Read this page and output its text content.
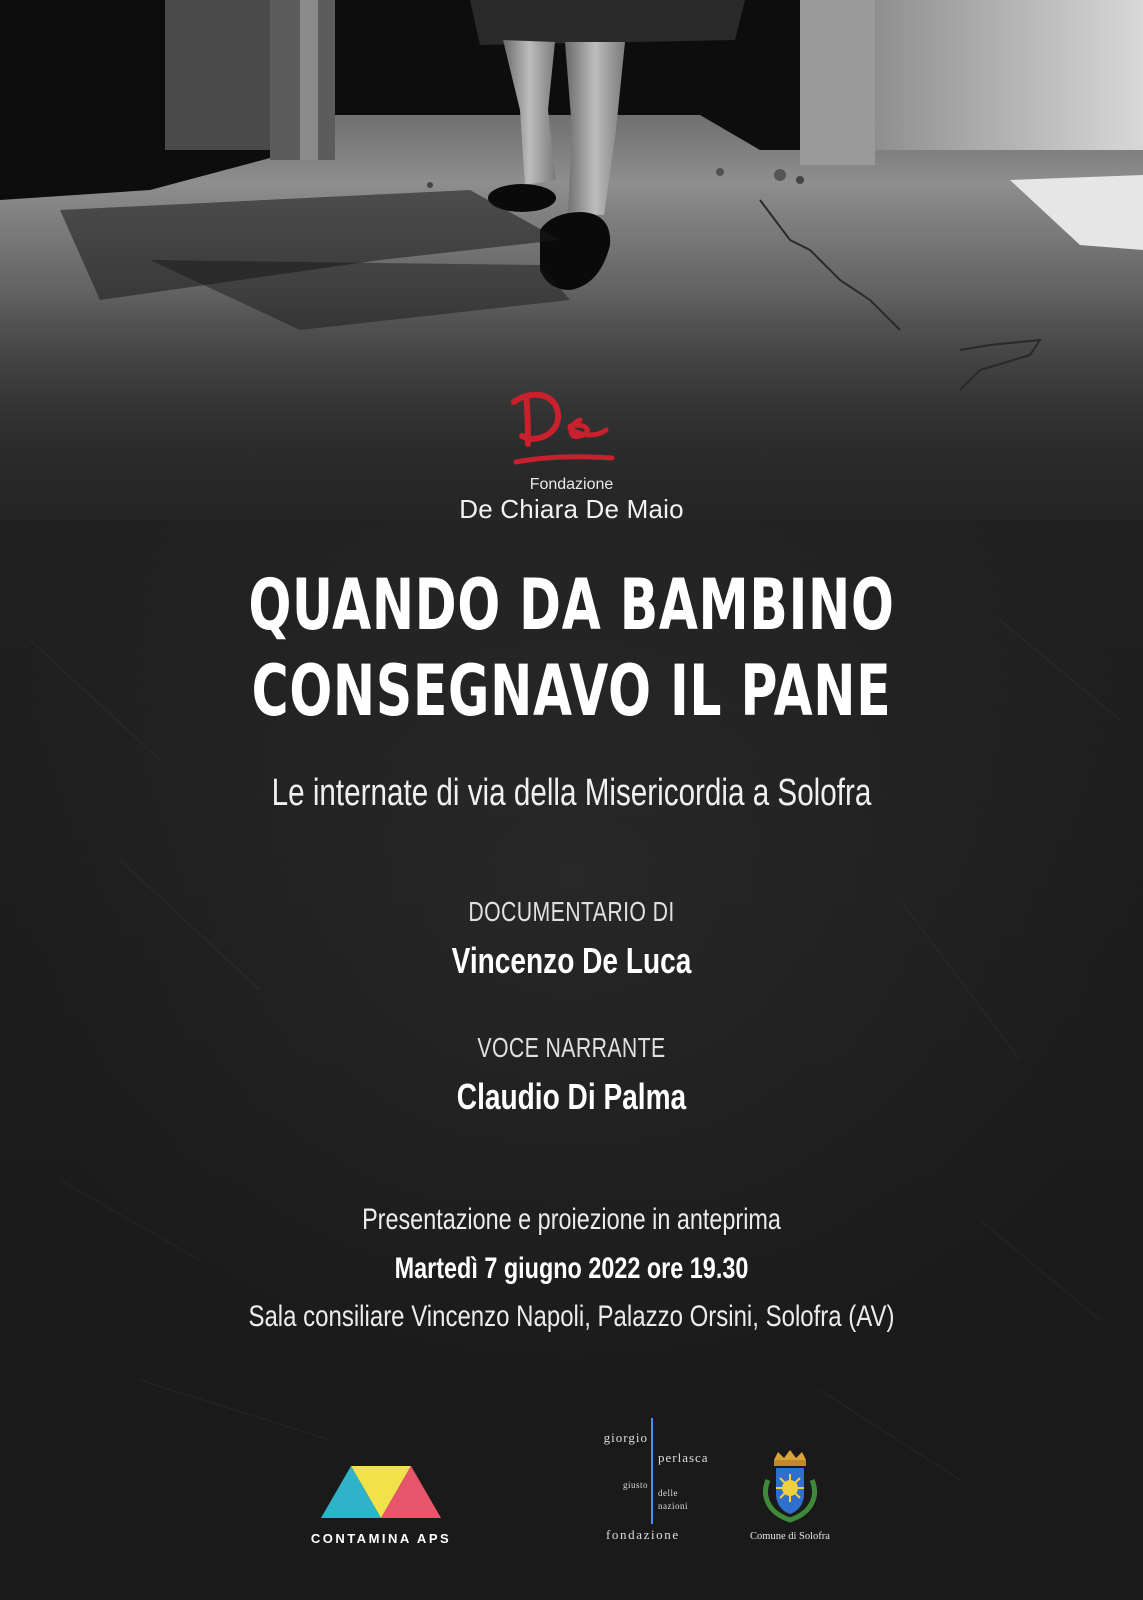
Fondazione
De Chiara De Maio
QUANDO DA BAMBINO
CONSEGNAVO IL PANE
Le internate di via della Misericordia a Solofra
DOCUMENTARIO DI
Vincenzo De Luca
VOCE NARRANTE
Claudio Di Palma
Presentazione e proiezione in anteprima
Martedì 7 giugno 2022 ore 19.30
Sala consiliare Vincenzo Napoli, Palazzo Orsini, Solofra (AV)
CONTAMINA APS
giorgio
perlasca
giusto
delle
nazioni
fondazione	Comune di Solofra
